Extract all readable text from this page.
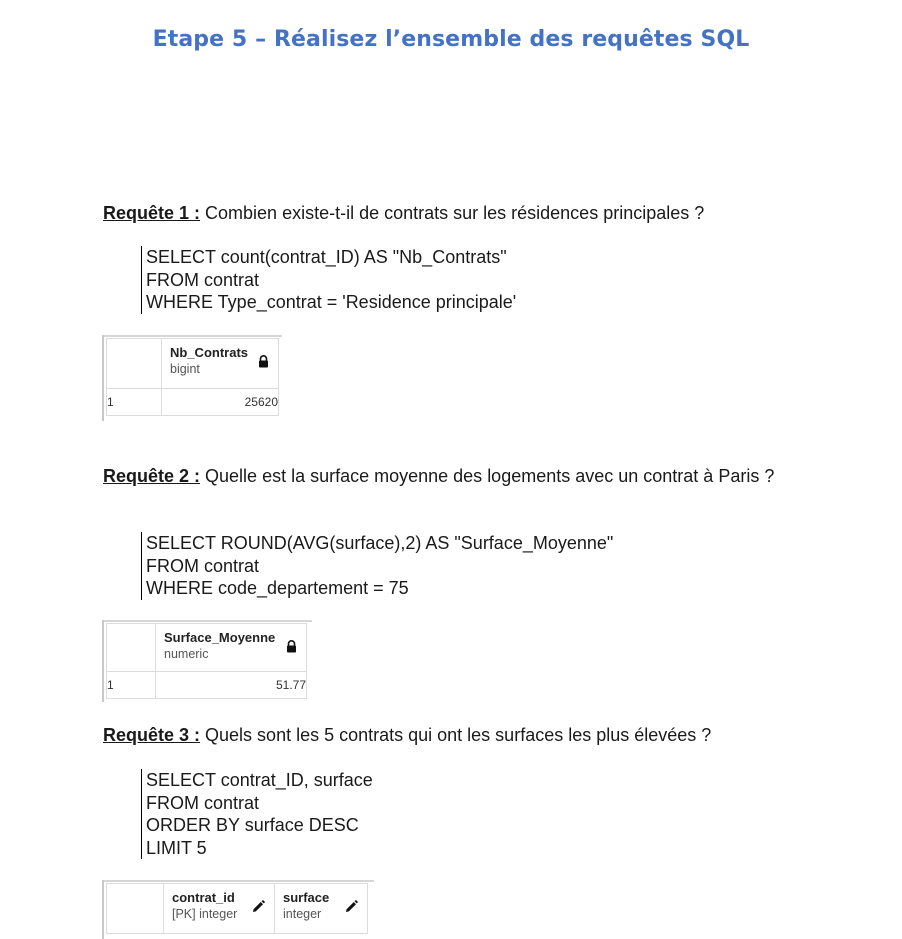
Etape 5 – Réalisez l’ensemble des requêtes SQL
Requête 1 : Combien existe-t-il de contrats sur les résidences principales ?
SELECT count(contrat_ID) AS "Nb_Contrats"
FROM contrat
WHERE Type_contrat = 'Residence principale'

	Nb_Contrats
bigint

1	25620
Requête 2 : Quelle est la surface moyenne des logements avec un contrat à Paris ?
SELECT ROUND(AVG(surface),2) AS "Surface_Moyenne"
FROM contrat
WHERE code_departement = 75

	Surface_Moyenne
numeric

1	51.77
Requête 3 : Quels sont les 5 contrats qui ont les surfaces les plus élevées ?
SELECT contrat_ID, surface
FROM contrat
ORDER BY surface DESC
LIMIT 5

contrat_id
[PK] integer

surface
integer
